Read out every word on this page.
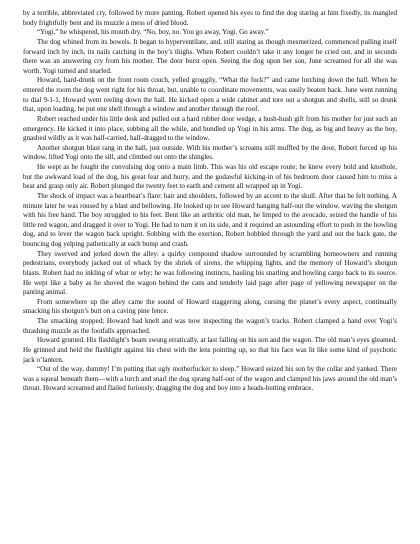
by a terrible, abbreviated cry, followed by more panting. Robert opened his eyes to find the dog staring at him fixedly, its mangled body frightfully bent and its muzzle a mess of dried blood.

“Yogi,” he whispered, his mouth dry. “No, boy, no. You go away, Yogi. Go away.”

The dog whined from its bowels. It began to hyperventilate, and, still staring as though mesmerized, commenced pulling itself forward inch by inch, its nails catching in the boy’s thighs. When Robert couldn’t take it any longer he cried out, and in seconds there was an answering cry from his mother. The door burst open. Seeing the dog upon her son, June screamed for all she was worth. Yogi turned and snarled.

Howard, hard-drunk on the front room couch, yelled groggily, “What the fuck?” and came lurching down the hall. When he entered the room the dog went right for his throat, but, unable to coordinate movements, was easily beaten back. June went running to dial 9-1-1, Howard went reeling down the hall. He kicked open a wide cabinet and tore out a shotgun and shells, still so drunk that, upon loading, he put one shell through a window and another through the roof.

Robert reached under his little desk and pulled out a hard rubber door wedge, a hush-hush gift from his mother for just such an emergency. He kicked it into place, sobbing all the while, and bundled up Yogi in his arms. The dog, as big and heavy as the boy, gnashed wildly as it was half-carried, half-dragged to the window.

Another shotgun blast rang in the hall, just outside. With his mother’s screams still muffled by the door, Robert forced up his window, lifted Yogi onto the sill, and climbed out onto the shingles.

He wept as he fought the convulsing dog onto a main limb. This was his old escape route; he knew every hold and knothole, but the awkward load of the dog, his great fear and hurry, and the godawful kicking-in of his bedroom door caused him to miss a beat and grasp only air. Robert plunged the twenty feet to earth and cement all wrapped up in Yogi.

The shock of impact was a heartbeat’s flare: hair and shoulders, followed by an accent to the skull. After that he felt nothing. A minute later he was roused by a blast and bellowing. He looked up to see Howard hanging half-out the window, waving the shotgun with his free hand. The boy struggled to his feet. Bent like an arthritic old man, he limped to the avocado, seized the handle of his little red wagon, and dragged it over to Yogi. He had to turn it on its side, and it required an astounding effort to push in the howling dog, and to lever the wagon back upright. Sobbing with the exertion, Robert hobbled through the yard and out the back gate, the bouncing dog yelping pathetically at each bump and crash.

They swerved and jerked down the alley: a quirky compound shadow surrounded by scrambling homeowners and running pedestrians, everybody jacked out of whack by the shriek of sirens, the whipping lights, and the memory of Howard’s shotgun blasts. Robert had no inkling of what or why; he was following instincts, hauling his snarling and howling cargo back to its source. He wept like a baby as he shoved the wagon behind the cans and tenderly laid page after page of yellowing newspaper on the panting animal.

From somewhere up the alley came the sound of Howard staggering along, cursing the planet’s every aspect, continually smacking his shotgun’s butt on a caving pine fence.

The smacking stopped; Howard had knelt and was now inspecting the wagon’s tracks. Robert clamped a hand over Yogi’s thrashing muzzle as the footfalls approached.

Howard grunted. His flashlight’s beam swung erratically, at last falling on his son and the wagon. The old man’s eyes gleamed. He grinned and held the flashlight against his chest with the lens pointing up, so that his face was lit like some kind of psychotic jack o’lantern.

“Out of the way, dummy! I’m putting that ugly motherfucker to sleep.” Howard seized his son by the collar and yanked. There was a squeal beneath them—with a lurch and snarl the dog sprang half-out of the wagon and clamped his jaws around the old man’s throat. Howard screamed and flailed furiously, dragging the dog and boy into a heads-butting embrace.
